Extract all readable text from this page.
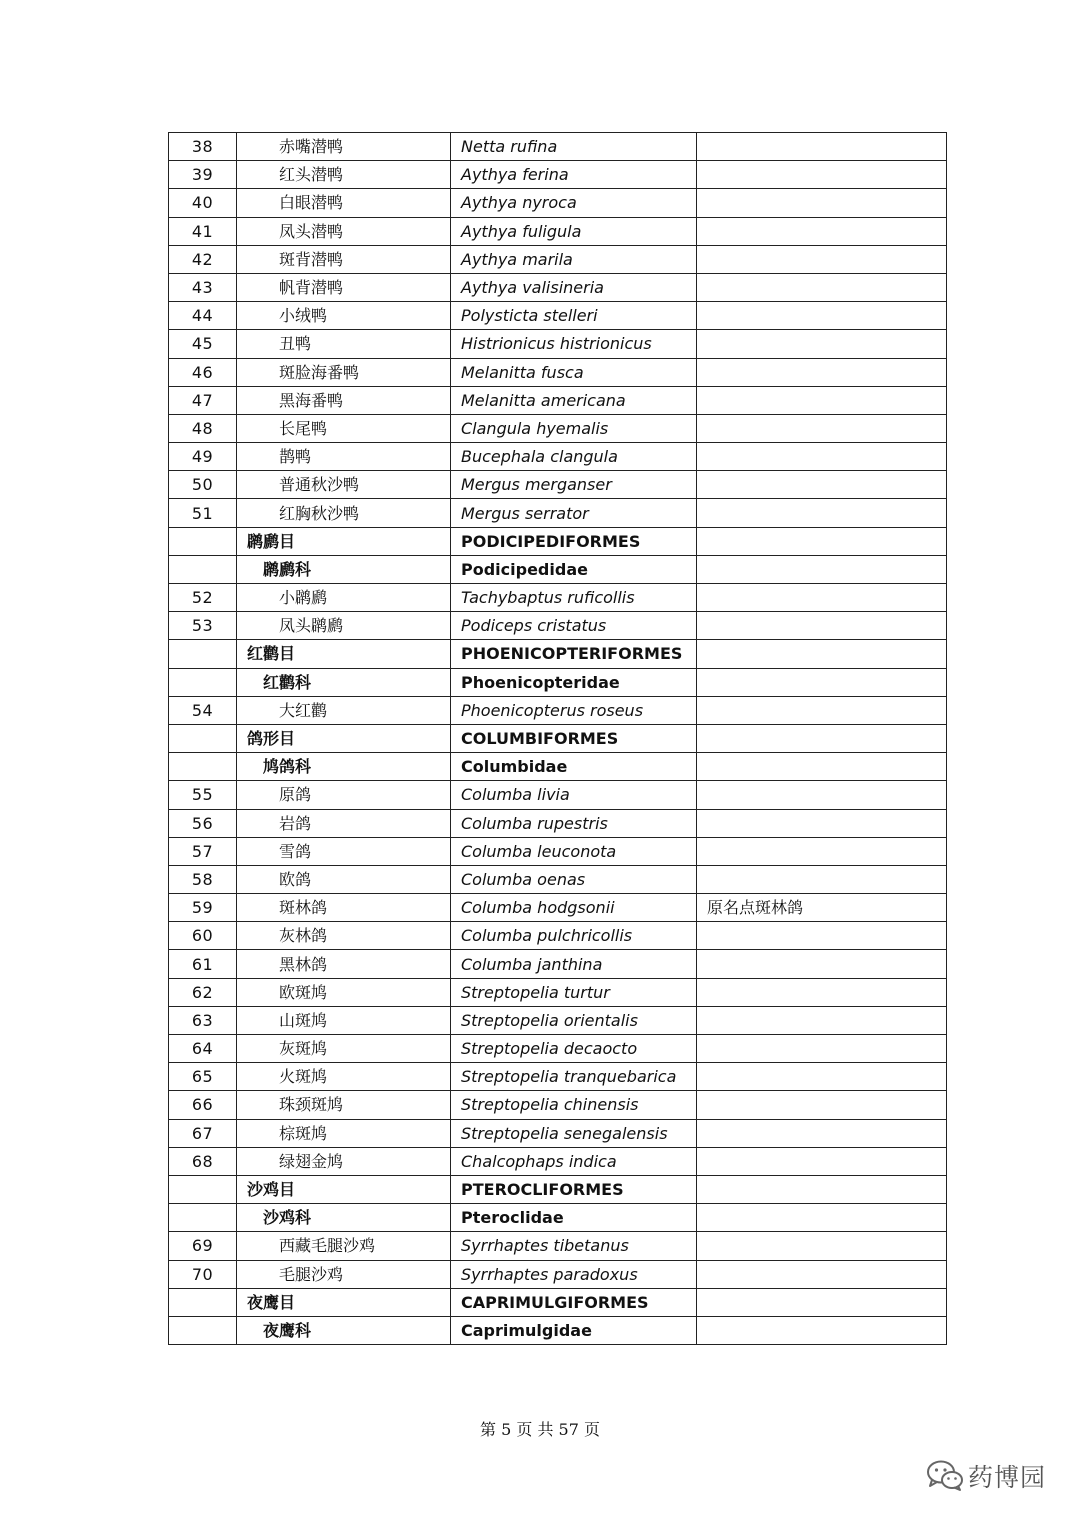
38	赤嘴潜鸭	Netta rufina	
39	红头潜鸭	Aythya ferina	
40	白眼潜鸭	Aythya nyroca	
41	凤头潜鸭	Aythya fuligula	
42	斑背潜鸭	Aythya marila	
43	帆背潜鸭	Aythya valisineria	
44	小绒鸭	Polysticta stelleri	
45	丑鸭	Histrionicus histrionicus	
46	斑脸海番鸭	Melanitta fusca	
47	黑海番鸭	Melanitta americana	
48	长尾鸭	Clangula hyemalis	
49	鹊鸭	Bucephala clangula	
50	普通秋沙鸭	Mergus merganser	
51	红胸秋沙鸭	Mergus serrator	
	䴙䴘目	PODICIPEDIFORMES	
	䴙䴘科	Podicipedidae	
52	小䴙䴘	Tachybaptus ruficollis	
53	凤头䴙䴘	Podiceps cristatus	
	红鹳目	PHOENICOPTERIFORMES	
	红鹳科	Phoenicopteridae	
54	大红鹳	Phoenicopterus roseus	
	鸽形目	COLUMBIFORMES	
	鸠鸽科	Columbidae	
55	原鸽	Columba livia	
56	岩鸽	Columba rupestris	
57	雪鸽	Columba leuconota	
58	欧鸽	Columba oenas	
59	斑林鸽	Columba hodgsonii	原名点斑林鸽
60	灰林鸽	Columba pulchricollis	
61	黑林鸽	Columba janthina	
62	欧斑鸠	Streptopelia turtur	
63	山斑鸠	Streptopelia orientalis	
64	灰斑鸠	Streptopelia decaocto	
65	火斑鸠	Streptopelia tranquebarica	
66	珠颈斑鸠	Streptopelia chinensis	
67	棕斑鸠	Streptopelia senegalensis	
68	绿翅金鸠	Chalcophaps indica	
	沙鸡目	PTEROCLIFORMES	
	沙鸡科	Pteroclidae	
69	西藏毛腿沙鸡	Syrrhaptes tibetanus	
70	毛腿沙鸡	Syrrhaptes paradoxus	
	夜鹰目	CAPRIMULGIFORMES	
	夜鹰科	Caprimulgidae	
第 5 页 共 57 页
药博园
